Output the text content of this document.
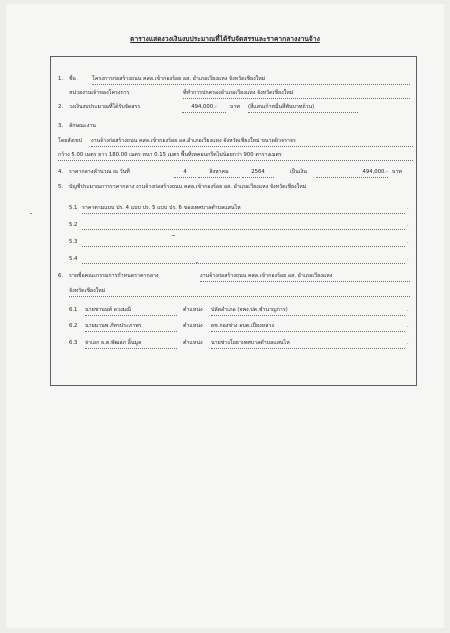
ตารางแสดงวงเงินงบประมาณที่ได้รับจัดสรรและราคากลางงานจ้าง
1. ชื่อ	โครงการก่อสร้างถนน คสล.เข้ากองร้อย อส. อำเภอเวียงแหง จังหวัดเชียงใหม่
หน่วยงานเจ้าของโครงการ	ที่ทำการปกครองอำเภอเวียงแหง จังหวัดเชียงใหม่
2. วงเงินงบประมาณที่ได้รับจัดสรร	494,000.-	บาท (สี่แสนเก้าหมื่นสี่พันบาทถ้วน)
3. ลักษณะงาน
โดยสังเขป งานจ้างก่อสร้างถนน คสล.เข้ากองร้อย อส.อำเภอเวียงแหง จังหวัดเชียงใหม่ ขนาดผิวจราจร
กว้าง 5.00 เมตร ยาว 180.00 เมตร หนา 0.15 เมตร พื้นที่เทคอนกรีตไม่น้อยกว่า 900 ตารางเมตร
4. ราคากลางคำนวณ ณ วันที่	4	สิงหาคม	2564	เป็นเงิน	494,000.- บาท
5. บัญชีประมาณการราคากลาง งานจ้างก่อสร้างถนน คสล.เข้ากองร้อย อส. อำเภอเวียงแหง จังหวัดเชียงใหม่
5.1 ราคาตามแบบ ปร. 4 แบบ ปร. 5 แบบ ปร. 6 ของเทศบาลตำบลแสนไห	.
5.2	.
5.3	.
5.4	.
6. รายชื่อคณะกรรมการกำหนดราคากลาง	งานจ้างก่อสร้างถนน คสล.เข้ากองร้อย อส. อำเภอเวียงแหง
จังหวัดเชียงใหม่
6.1 นายชานนท์ ดวงมณี	ตำแหน่ง ปลัดอำเภอ (จพง.ปค.ชำนาญการ)	.
6.2 นายมานพ ภัทรประภาพร	ตำแหน่ง ผช.กองช่าง อบต.เปียงหลวง	.
6.3 จ่าเอก ธ.ต.พัฒลภ อิ้นมูล	ตำแหน่ง นายช่างโยธาเทศบาลตำบลแสนไห	.
